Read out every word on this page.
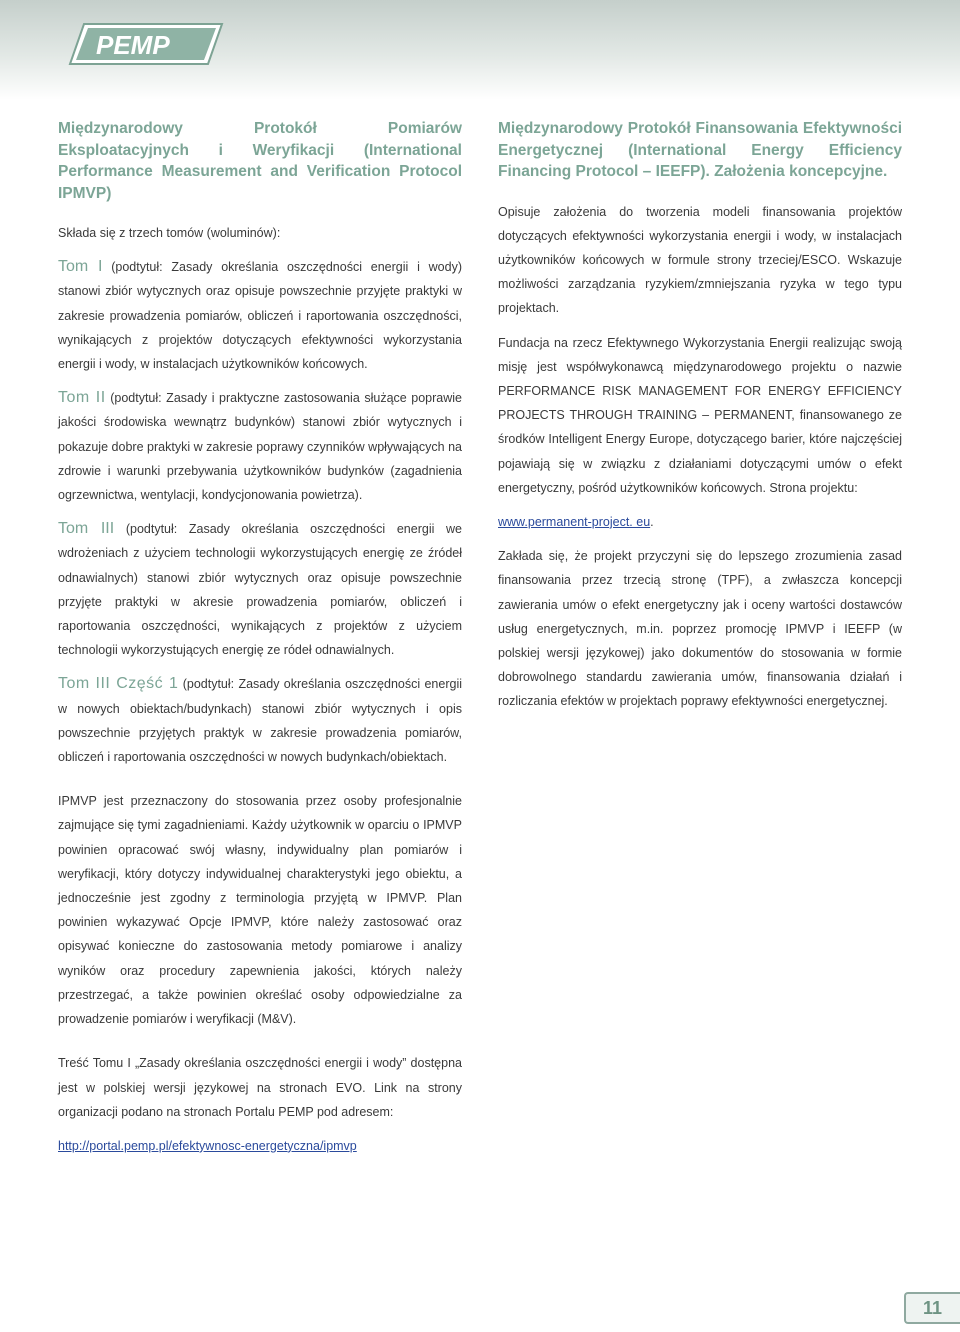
PEMP
Międzynarodowy Protokół Pomiarów Eksploatacyjnych i Weryfikacji (International Performance Measurement and Verification Protocol IPMVP)

Składa się z trzech tomów (woluminów):

Tom I (podtytuł: Zasady określania oszczędności energii i wody) stanowi zbiór wytycznych oraz opisuje powszechnie przyjęte praktyki w zakresie prowadzenia pomiarów, obliczeń i raportowania oszczędności, wynikających z projektów dotyczących efektywności wykorzystania energii i wody, w instalacjach użytkowników końcowych.

Tom II (podtytuł: Zasady i praktyczne zastosowania służące poprawie jakości środowiska wewnątrz budynków) stanowi zbiór wytycznych i pokazuje dobre praktyki w zakresie poprawy czynników wpływających na zdrowie i warunki przebywania użytkowników budynków (zagadnienia ogrzewnictwa, wentylacji, kondycjonowania powietrza).

Tom III (podtytuł: Zasady określania oszczędności energii we wdrożeniach z użyciem technologii wykorzystujących energię ze źródeł odnawialnych) stanowi zbiór wytycznych oraz opisuje powszechnie przyjęte praktyki w akresie prowadzenia pomiarów, obliczeń i raportowania oszczędności, wynikających z projektów z użyciem technologii wykorzystujących energię ze ródeł odnawialnych.

Tom III Część 1 (podtytuł: Zasady określania oszczędności energii w nowych obiektach/budynkach) stanowi zbiór wytycznych i opis powszechnie przyjętych praktyk w zakresie prowadzenia pomiarów, obliczeń i raportowania oszczędności w nowych budynkach/obiektach.

IPMVP jest przeznaczony do stosowania przez osoby profesjonalnie zajmujące się tymi zagadnieniami. Każdy użytkownik w oparciu o IPMVP powinien opracować swój własny, indywidualny plan pomiarów i weryfikacji, który dotyczy indywidualnej charakterystyki jego obiektu, a jednocześnie jest zgodny z terminologia przyjętą w IPMVP. Plan powinien wykazywać Opcje IPMVP, które należy zastosować oraz opisywać konieczne do zastosowania metody pomiarowe i analizy wyników oraz procedury zapewnienia jakości, których należy przestrzegać, a także powinien określać osoby odpowiedzialne za prowadzenie pomiarów i weryfikacji (M&V).

Treść Tomu I „Zasady określania oszczędności energii i wody” dostępna jest w polskiej wersji językowej na stronach EVO. Link na strony organizacji podano na stronach Portalu PEMP pod adresem:

http://portal.pemp.pl/efektywnosc-energetyczna/ipmvp

Międzynarodowy Protokół Finansowania Efektywności Energetycznej (International Energy Efficiency Financing Protocol – IEEFP). Założenia koncepcyjne.

Opisuje założenia do tworzenia modeli finansowania projektów dotyczących efektywności wykorzystania energii i wody, w instalacjach użytkowników końcowych w formule strony trzeciej/ESCO. Wskazuje możliwości zarządzania ryzykiem/zmniejszania ryzyka w tego typu projektach.

Fundacja na rzecz Efektywnego Wykorzystania Energii realizując swoją misję jest współwykonawcą międzynarodowego projektu o nazwie PERFORMANCE RISK MANAGEMENT FOR ENERGY EFFICIENCY PROJECTS THROUGH TRAINING – PERMANENT, finansowanego ze środków Intelligent Energy Europe, dotyczącego barier, które najczęściej pojawiają się w związku z działaniami dotyczącymi umów o efekt energetyczny, pośród użytkowników końcowych. Strona projektu:

www.permanent-project. eu.

Zakłada się, że projekt przyczyni się do lepszego zrozumienia zasad finansowania przez trzecią stronę (TPF), a zwłaszcza koncepcji zawierania umów o efekt energetyczny jak i oceny wartości dostawców usług energetycznych, m.in. poprzez promocję IPMVP i IEEFP (w polskiej wersji językowej) jako dokumentów do stosowania w formie dobrowolnego standardu zawierania umów, finansowania działań i rozliczania efektów w projektach poprawy efektywności energetycznej.

11
